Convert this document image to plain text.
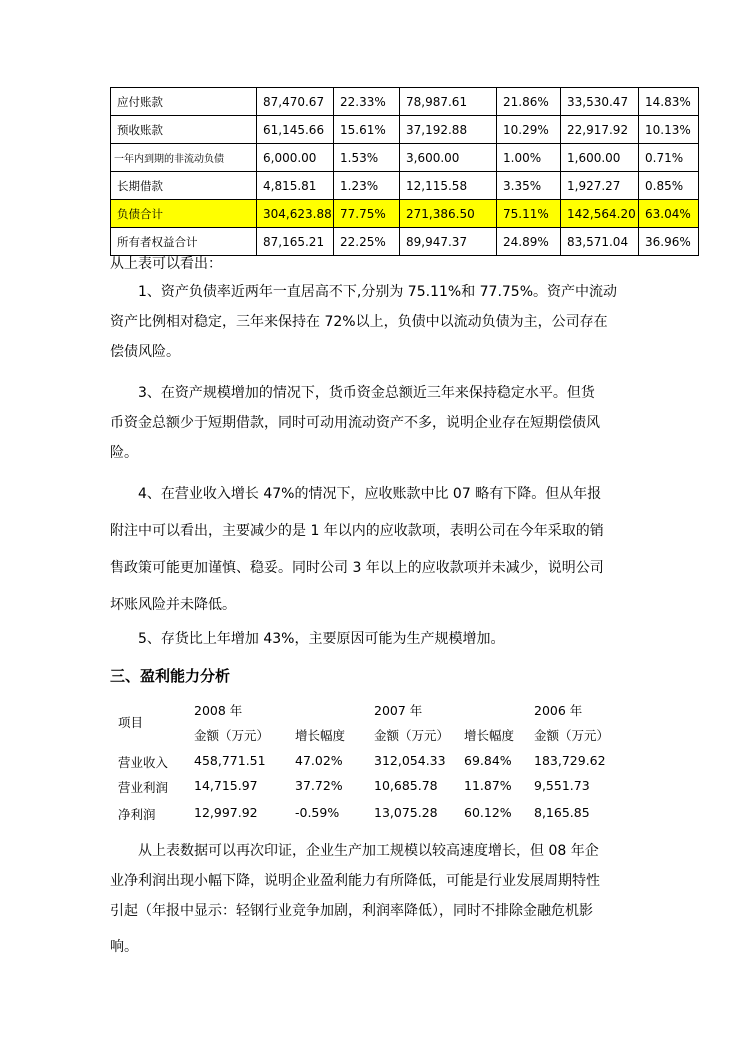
应付账款	87,470.67	22.33%	78,987.61	21.86%	33,530.47	14.83%
预收账款	61,145.66	15.61%	37,192.88	10.29%	22,917.92	10.13%
一年内到期的非流动负债	6,000.00	1.53%	3,600.00	1.00%	1,600.00	0.71%
长期借款	4,815.81	1.23%	12,115.58	3.35%	1,927.27	0.85%
负债合计	304,623.88	77.75%	271,386.50	75.11%	142,564.20	63.04%
所有者权益合计	87,165.21	22.25%	89,947.37	24.89%	83,571.04	36.96%

从上表可以看出：

1、资产负债率近两年一直居高不下,分别为 75.11%和 77.75%。资产中流动
资产比例相对稳定，三年来保持在 72%以上，负债中以流动负债为主，公司存在
偿债风险。

3、在资产规模增加的情况下，货币资金总额近三年来保持稳定水平。但货
币资金总额少于短期借款，同时可动用流动资产不多，说明企业存在短期偿债风
险。

4、在营业收入增长 47%的情况下，应收账款中比 07 略有下降。但从年报
附注中可以看出，主要减少的是 1 年以内的应收款项，表明公司在今年采取的销
售政策可能更加谨慎、稳妥。同时公司 3 年以上的应收款项并未减少，说明公司
坏账风险并未降低。

5、存货比上年增加 43%，主要原因可能为生产规模增加。

三、盈利能力分析
项目
2008 年	2007 年	2006 年
金额（万元） 增长幅度 金额（万元） 增长幅度 金额（万元）
营业收入 458,771.51 47.02%	312,054.33 69.84% 183,729.62
营业利润 14,715.97	37.72%	10,685.78 11.87% 9,551.73
净利润	12,997.92	-0.59%	13,075.28 60.12% 8,165.85

从上表数据可以再次印证，企业生产加工规模以较高速度增长，但 08 年企
业净利润出现小幅下降，说明企业盈利能力有所降低，可能是行业发展周期特性
引起（年报中显示：轻钢行业竞争加剧，利润率降低），同时不排除金融危机影
响。
